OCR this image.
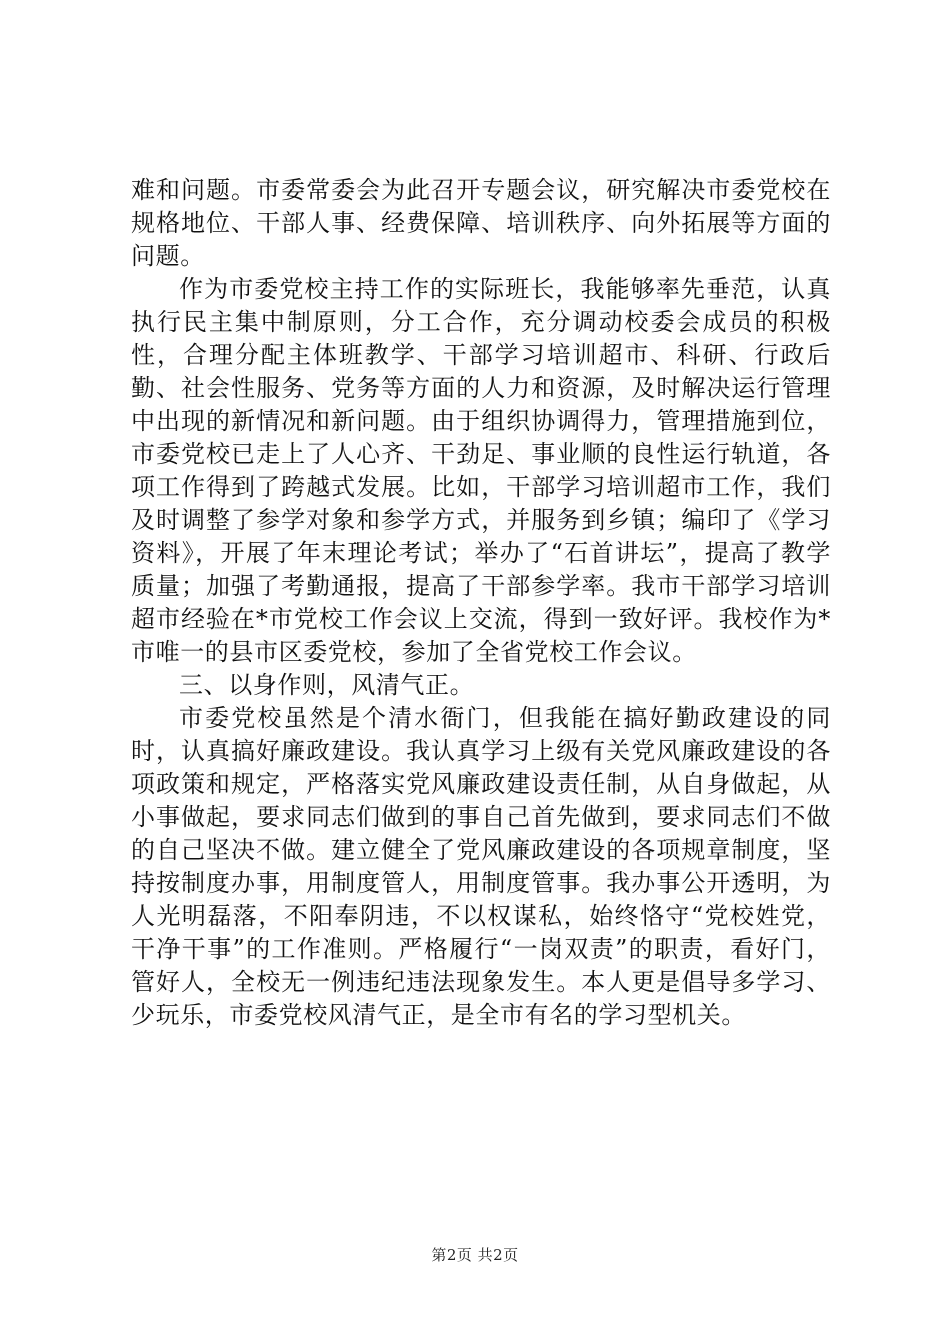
难和问题。市委常委会为此召开专题会议，研究解决市委党校在规格地位、干部人事、经费保障、培训秩序、向外拓展等方面的问题。

作为市委党校主持工作的实际班长，我能够率先垂范，认真执行民主集中制原则，分工合作，充分调动校委会成员的积极性，合理分配主体班教学、干部学习培训超市、科研、行政后勤、社会性服务、党务等方面的人力和资源，及时解决运行管理中出现的新情况和新问题。由于组织协调得力，管理措施到位，市委党校已走上了人心齐、干劲足、事业顺的良性运行轨道，各项工作得到了跨越式发展。比如，干部学习培训超市工作，我们及时调整了参学对象和参学方式，并服务到乡镇；编印了《学习资料》，开展了年末理论考试；举办了“石首讲坛”，提高了教学质量；加强了考勤通报，提高了干部参学率。我市干部学习培训超市经验在*市党校工作会议上交流，得到一致好评。我校作为*市唯一的县市区委党校，参加了全省党校工作会议。

三、以身作则，风清气正。

市委党校虽然是个清水衙门，但我能在搞好勤政建设的同时，认真搞好廉政建设。我认真学习上级有关党风廉政建设的各项政策和规定，严格落实党风廉政建设责任制，从自身做起，从小事做起，要求同志们做到的事自己首先做到，要求同志们不做的自己坚决不做。建立健全了党风廉政建设的各项规章制度，坚持按制度办事，用制度管人，用制度管事。我办事公开透明，为人光明磊落，不阳奉阴违，不以权谋私，始终恪守“党校姓党，干净干事”的工作准则。严格履行“一岗双责”的职责，看好门，管好人，全校无一例违纪违法现象发生。本人更是倡导多学习、少玩乐，市委党校风清气正，是全市有名的学习型机关。

第2页 共2页
